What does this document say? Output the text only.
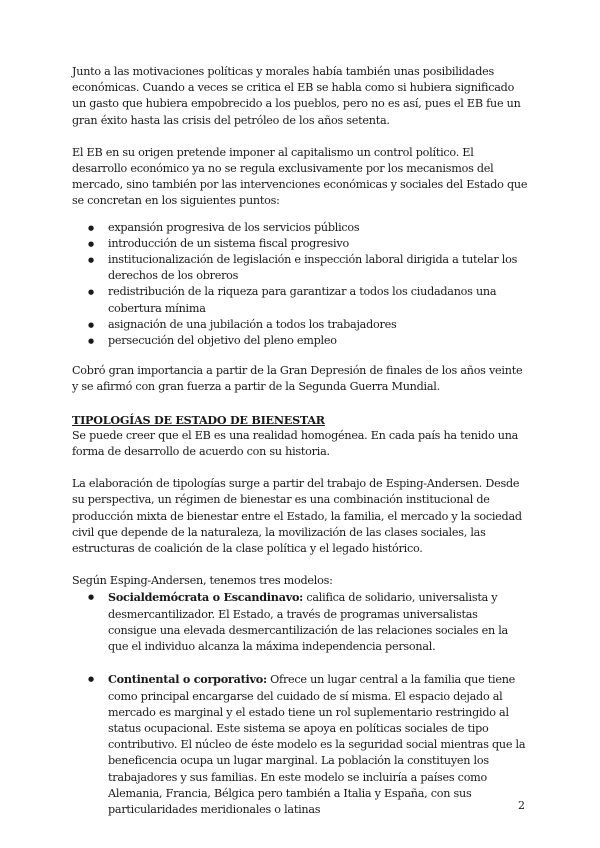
Junto a las motivaciones políticas y morales había también unas posibilidades económicas. Cuando a veces se critica el EB se habla como si hubiera significado un gasto que hubiera empobrecido a los pueblos, pero no es así, pues el EB fue un gran éxito hasta las crisis del petróleo de los años setenta.

El EB en su origen pretende imponer al capitalismo un control político. El desarrollo económico ya no se regula exclusivamente por los mecanismos del mercado, sino también por las intervenciones económicas y sociales del Estado que se concretan en los siguientes puntos:

● expansión progresiva de los servicios públicos
● introducción de un sistema fiscal progresivo
● institucionalización de legislación e inspección laboral dirigida a tutelar los derechos de los obreros
● redistribución de la riqueza para garantizar a todos los ciudadanos una cobertura mínima
● asignación de una jubilación a todos los trabajadores
● persecución del objetivo del pleno empleo

Cobró gran importancia a partir de la Gran Depresión de finales de los años veinte y se afirmó con gran fuerza a partir de la Segunda Guerra Mundial.

TIPOLOGÍAS DE ESTADO DE BIENESTAR

Se puede creer que el EB es una realidad homogénea. En cada país ha tenido una forma de desarrollo de acuerdo con su historia.

La elaboración de tipologías surge a partir del trabajo de Esping-Andersen. Desde su perspectiva, un régimen de bienestar es una combinación institucional de producción mixta de bienestar entre el Estado, la familia, el mercado y la sociedad civil que depende de la naturaleza, la movilización de las clases sociales, las estructuras de coalición de la clase política y el legado histórico.

Según Esping-Andersen, tenemos tres modelos:

● Socialdemócrata o Escandinavo: califica de solidario, universalista y desmercantilizador. El Estado, a través de programas universalistas consigue una elevada desmercantilización de las relaciones sociales en la que el individuo alcanza la máxima independencia personal.
● Continental o corporativo: Ofrece un lugar central a la familia que tiene como principal encargarse del cuidado de sí misma. El espacio dejado al mercado es marginal y el estado tiene un rol suplementario restringido al status ocupacional. Este sistema se apoya en políticas sociales de tipo contributivo. El núcleo de éste modelo es la seguridad social mientras que la beneficencia ocupa un lugar marginal. La población la constituyen los trabajadores y sus familias. En este modelo se incluiría a países como Alemania, Francia, Bélgica pero también a Italia y España, con sus particularidades meridionales o latinas	2
